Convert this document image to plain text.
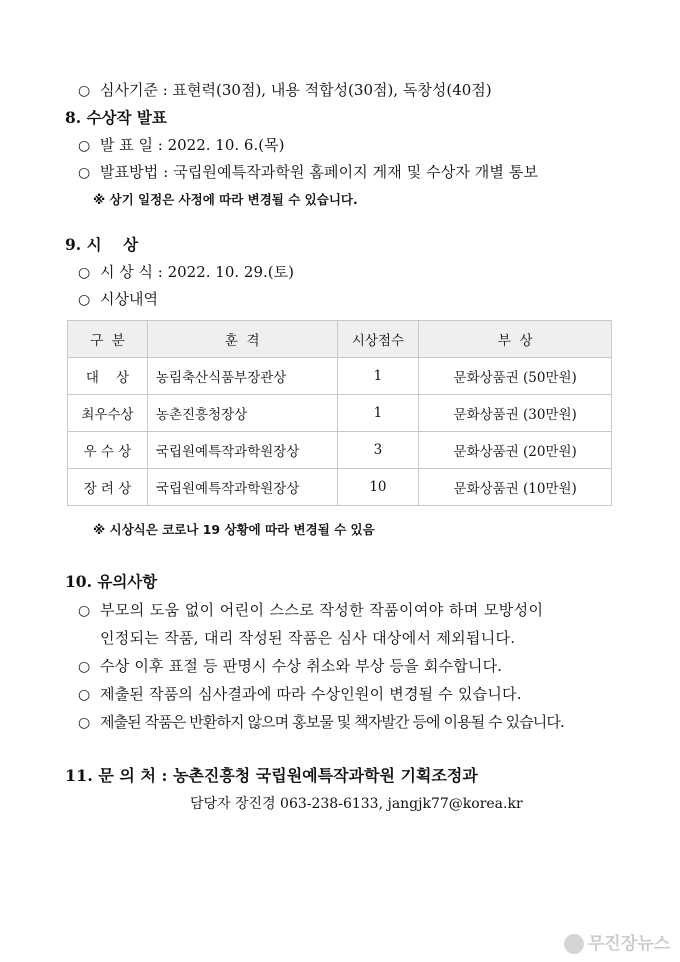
○ 심사기준 : 표현력(30점), 내용 적합성(30점), 독창성(40점)
8. 수상작 발표
○ 발 표 일 : 2022. 10. 6.(목)
○ 발표방법 : 국립원예특작과학원 홈페이지 게재 및 수상자 개별 통보
※ 상기 일정은 사정에 따라 변경될 수 있습니다.
9. 시    상
○ 시 상 식 : 2022. 10. 29.(토)
○ 시상내역
구  분	훈  격	시상점수	부  상
대    상	농림축산식품부장관상	1	문화상품권 (50만원)
최우수상	농촌진흥청장상	1	문화상품권 (30만원)
우 수 상	국립원예특작과학원장상	3	문화상품권 (20만원)
장 려 상	국립원예특작과학원장상	10	문화상품권 (10만원)
※ 시상식은 코로나 19 상황에 따라 변경될 수 있음
10. 유의사항
○ 부모의 도움 없이 어린이 스스로 작성한 작품이여야 하며 모방성이
인정되는 작품, 대리 작성된 작품은 심사 대상에서 제외됩니다.
○ 수상 이후 표절 등 판명시 수상 취소와 부상 등을 회수합니다.
○ 제출된 작품의 심사결과에 따라 수상인원이 변경될 수 있습니다.
○ 제출된 작품은 반환하지 않으며 홍보물 및 책자발간 등에 이용될 수 있습니다.
11. 문 의 처 : 농촌진흥청 국립원예특작과학원 기획조정과
담당자 장진경 063-238-6133, jangjk77@korea.kr
무진장뉴스
